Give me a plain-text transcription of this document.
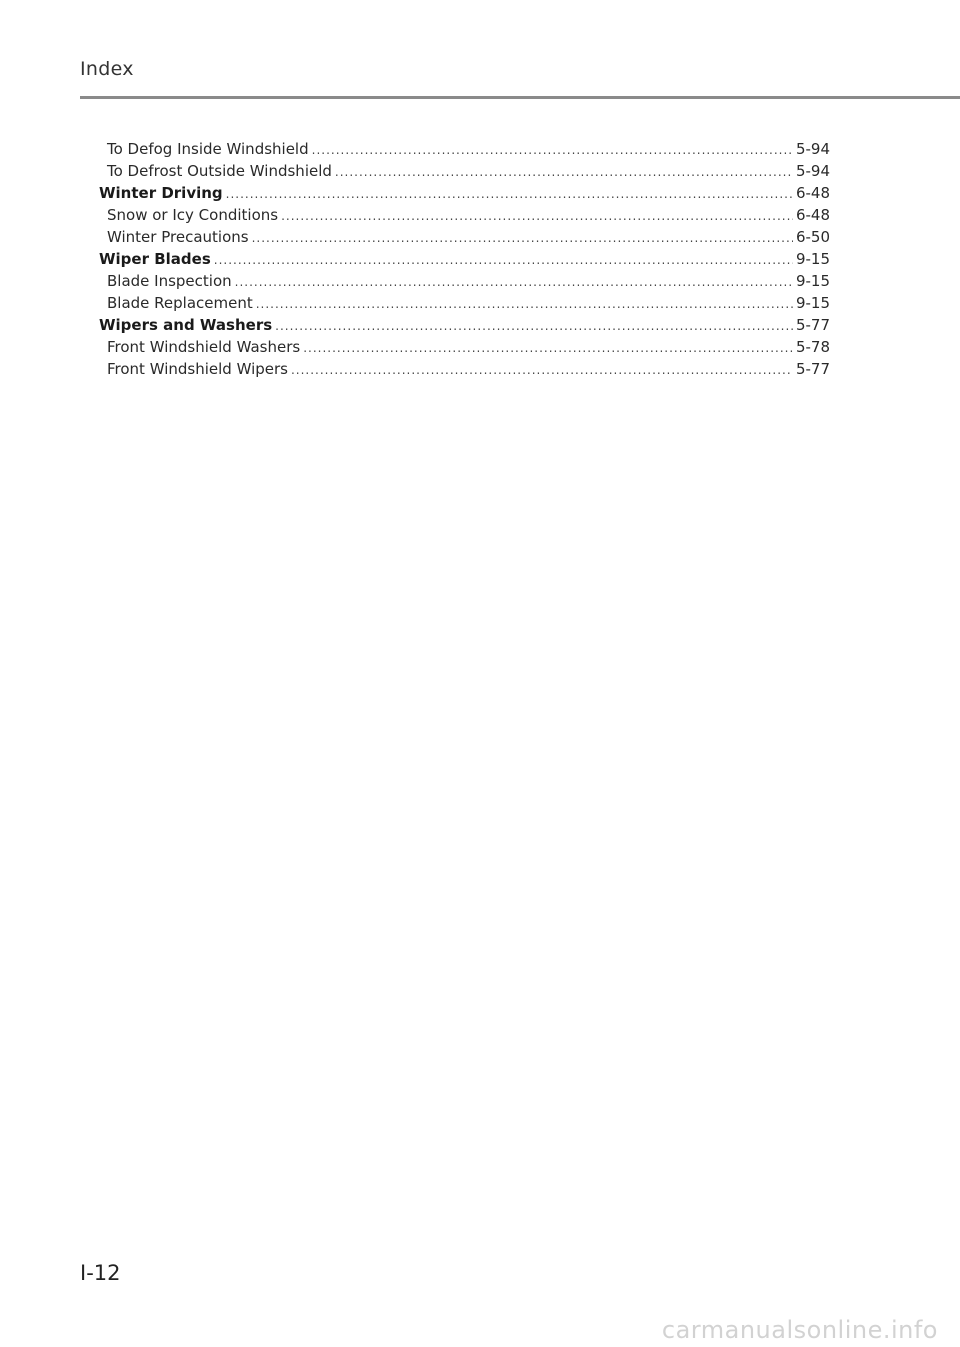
Index
To Defog Inside Windshield .....	5-94
To Defrost Outside Windshield .....	5-94
Winter Driving .....	6-48
Snow or Icy Conditions .....	6-48
Winter Precautions .....	6-50
Wiper Blades .....	9-15
Blade Inspection .....	9-15
Blade Replacement .....	9-15
Wipers and Washers .....	5-77
Front Windshield Washers .....	5-78
Front Windshield Wipers .....	5-77
I-12
carmanualsonline.info
